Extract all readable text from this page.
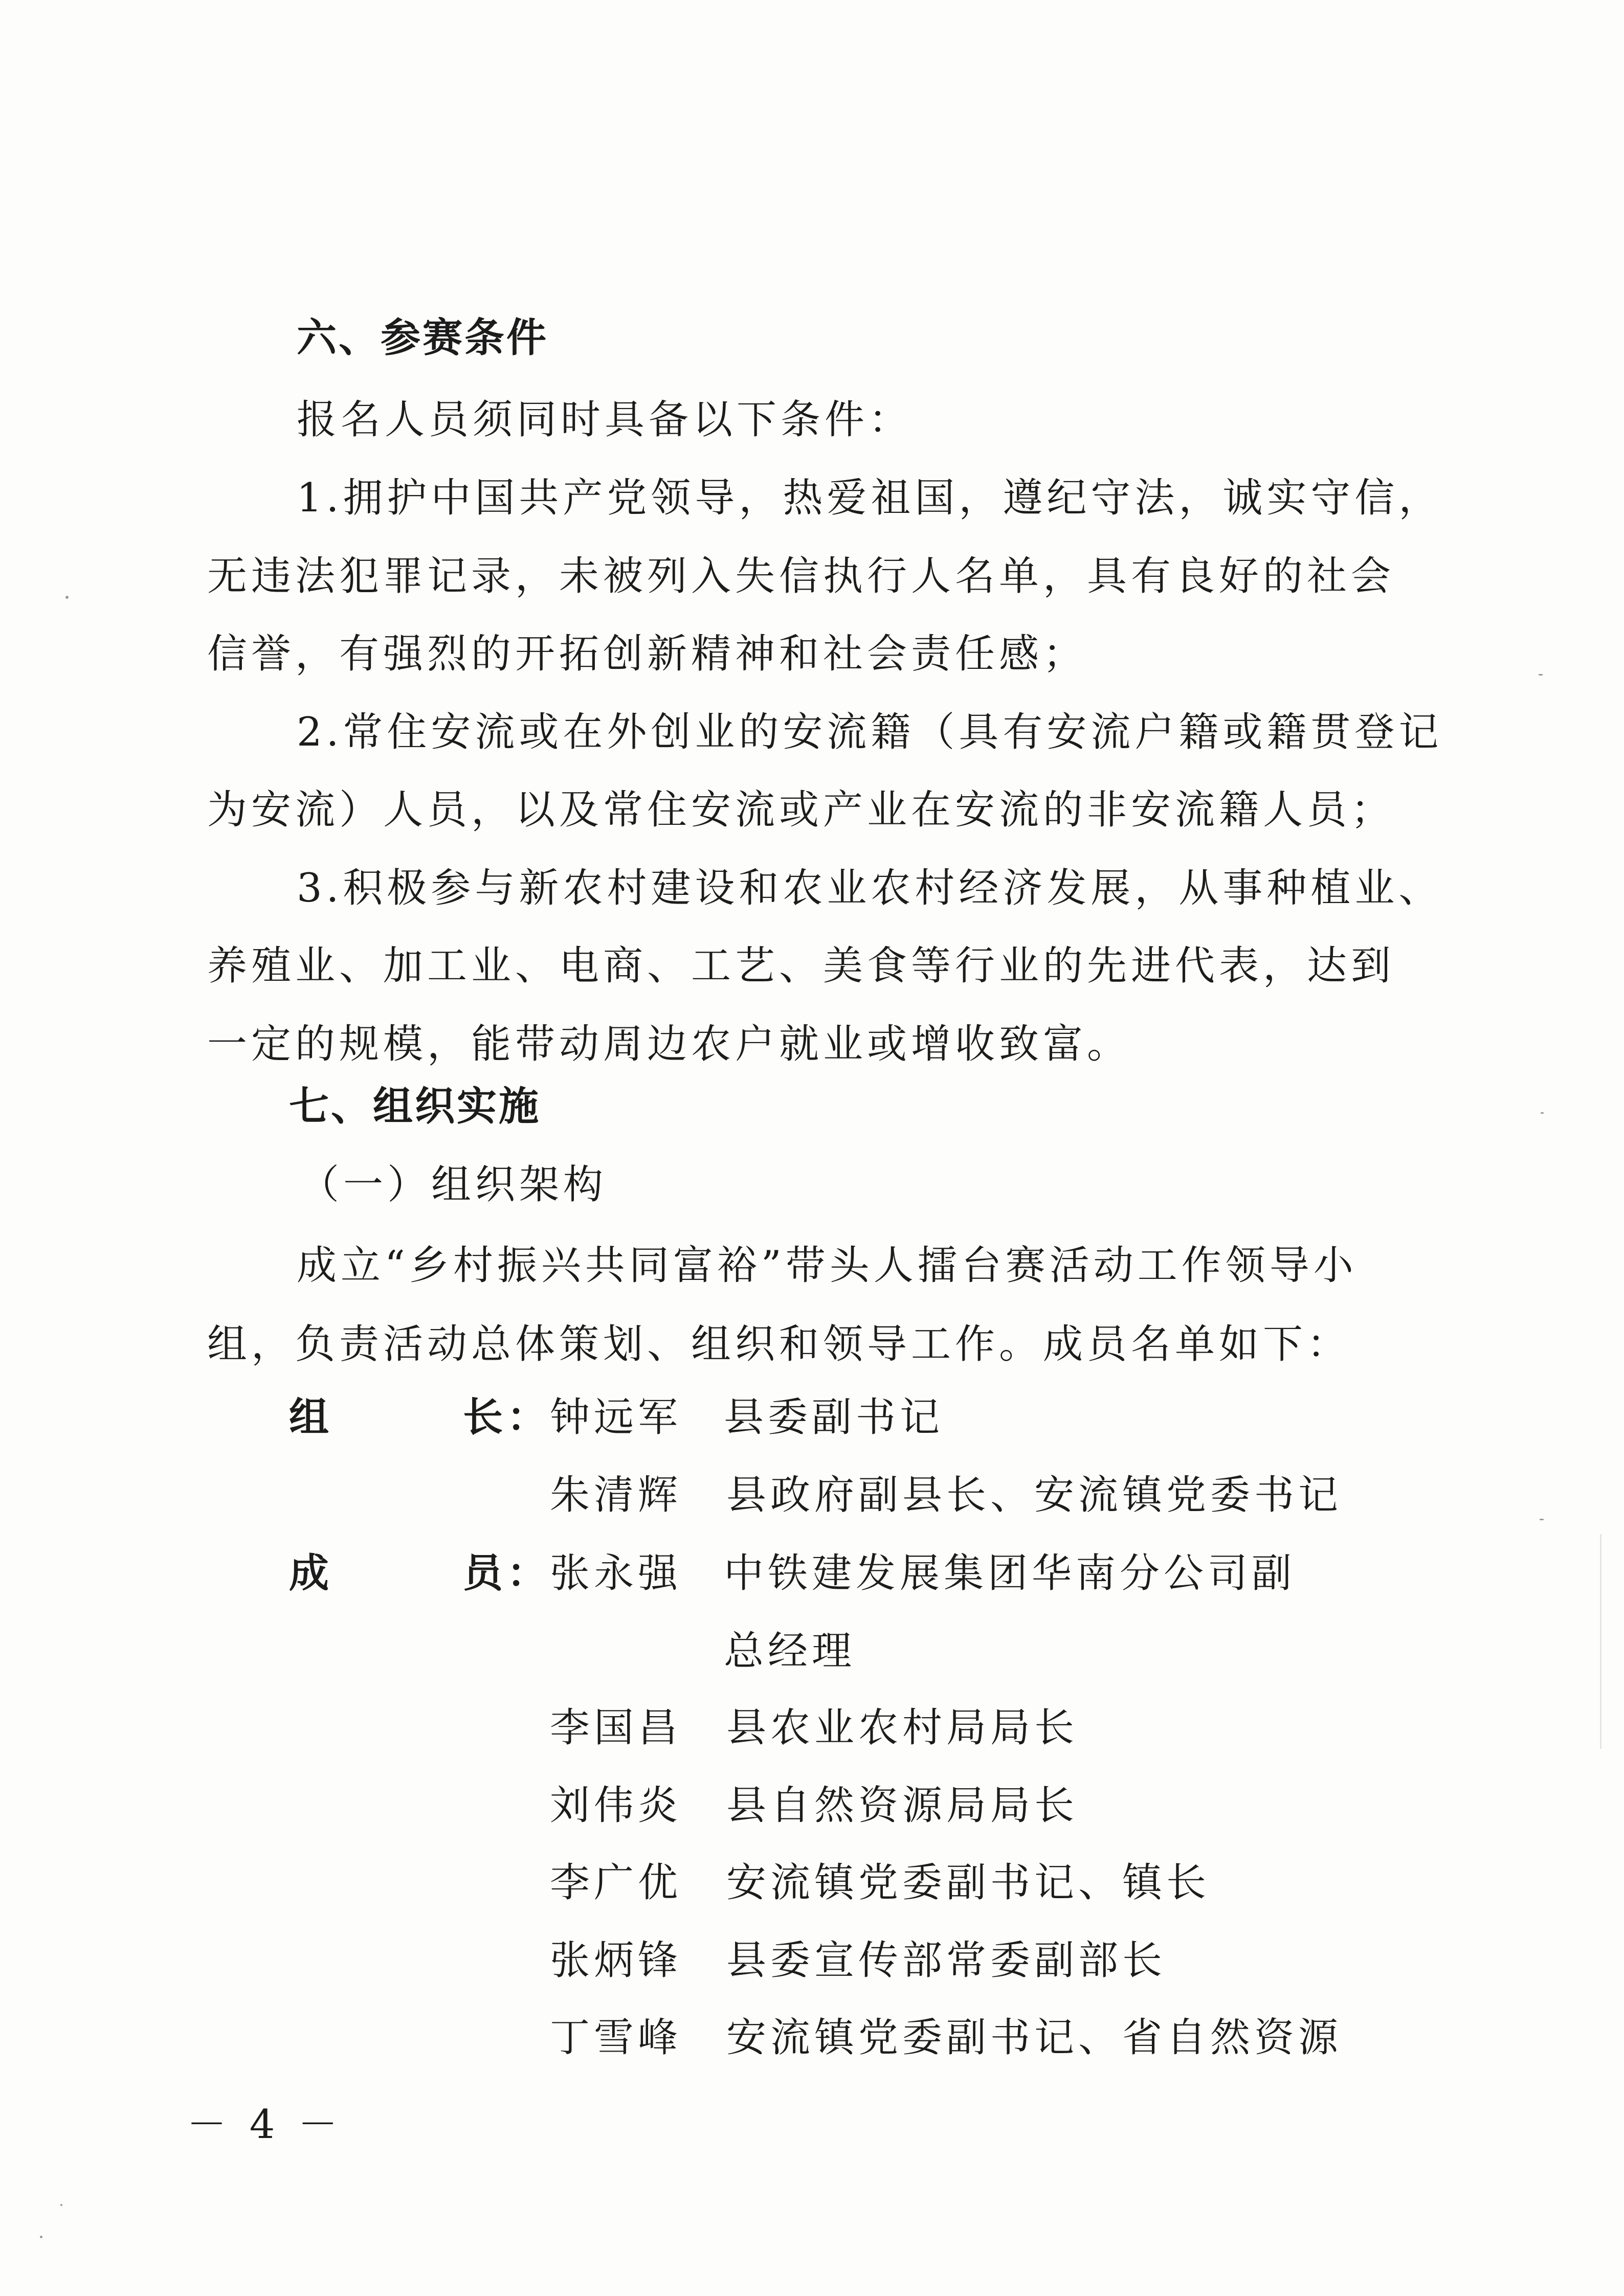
六、参赛条件
报名人员须同时具备以下条件：
1.拥护中国共产党领导，热爱祖国，遵纪守法，诚实守信，
无违法犯罪记录，未被列入失信执行人名单，具有良好的社会
信誉，有强烈的开拓创新精神和社会责任感；
2.常住安流或在外创业的安流籍（具有安流户籍或籍贯登记
为安流）人员，以及常住安流或产业在安流的非安流籍人员；
3.积极参与新农村建设和农业农村经济发展，从事种植业、
养殖业、加工业、电商、工艺、美食等行业的先进代表，达到
一定的规模，能带动周边农户就业或增收致富。
七、组织实施
（一）组织架构
成立“乡村振兴共同富裕”带头人擂台赛活动工作领导小
组，负责活动总体策划、组织和领导工作。成员名单如下：
组	长：
钟远军 县委副书记
朱清辉 县政府副县长、安流镇党委书记
成	员：
张永强 中铁建发展集团华南分公司副
总经理
李国昌 县农业农村局局长
刘伟炎 县自然资源局局长
李广优 安流镇党委副书记、镇长
张炳锋 县委宣传部常委副部长
丁雪峰 安流镇党委副书记、省自然资源
－ 4 －
